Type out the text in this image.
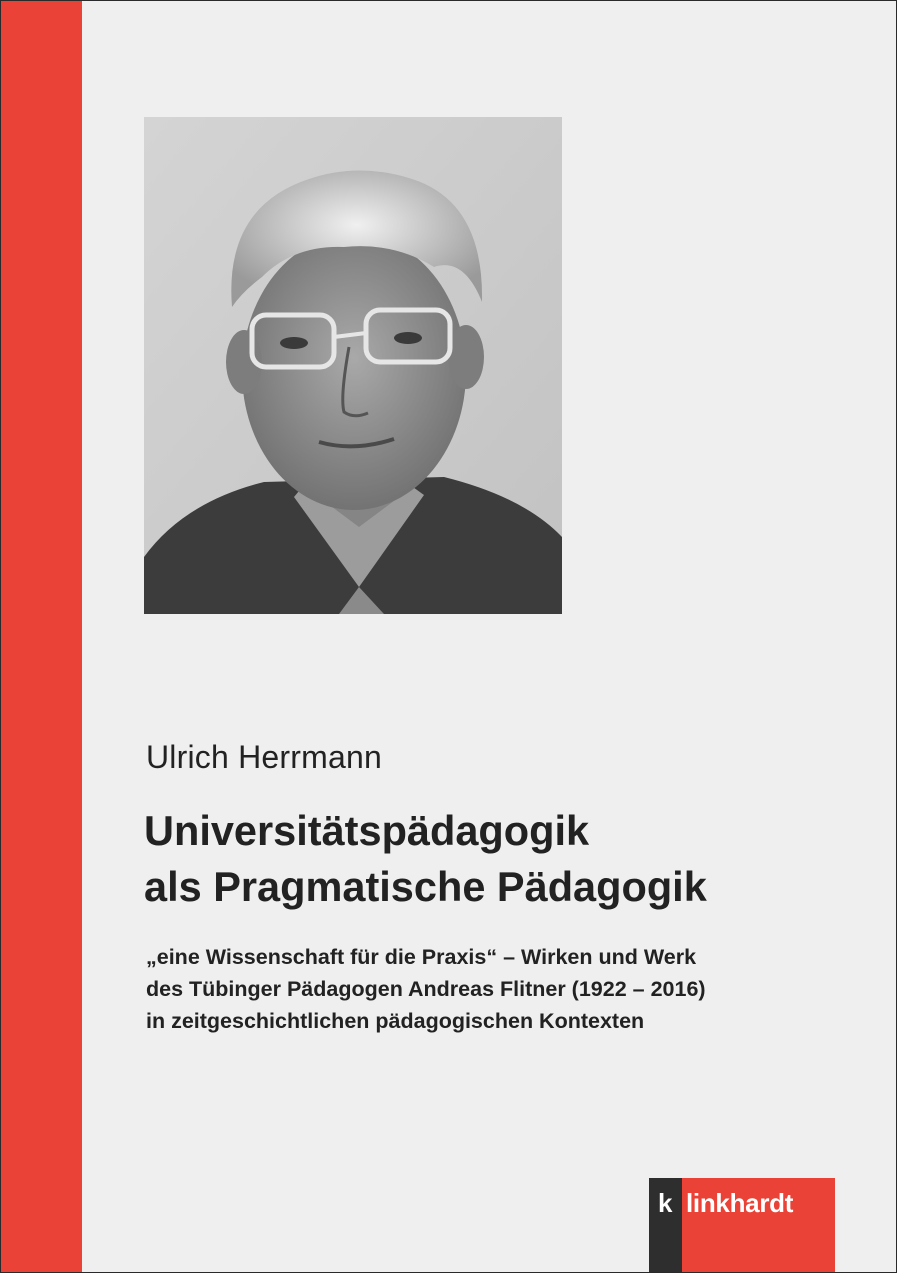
Ulrich Herrmann
Universitätspädagogik
als Pragmatische Pädagogik

„eine Wissenschaft für die Praxis“ – Wirken und Werk
des Tübinger Pädagogen Andreas Flitner (1922 – 2016)
in zeitgeschichtlichen pädagogischen Kontexten

k linkhardt
